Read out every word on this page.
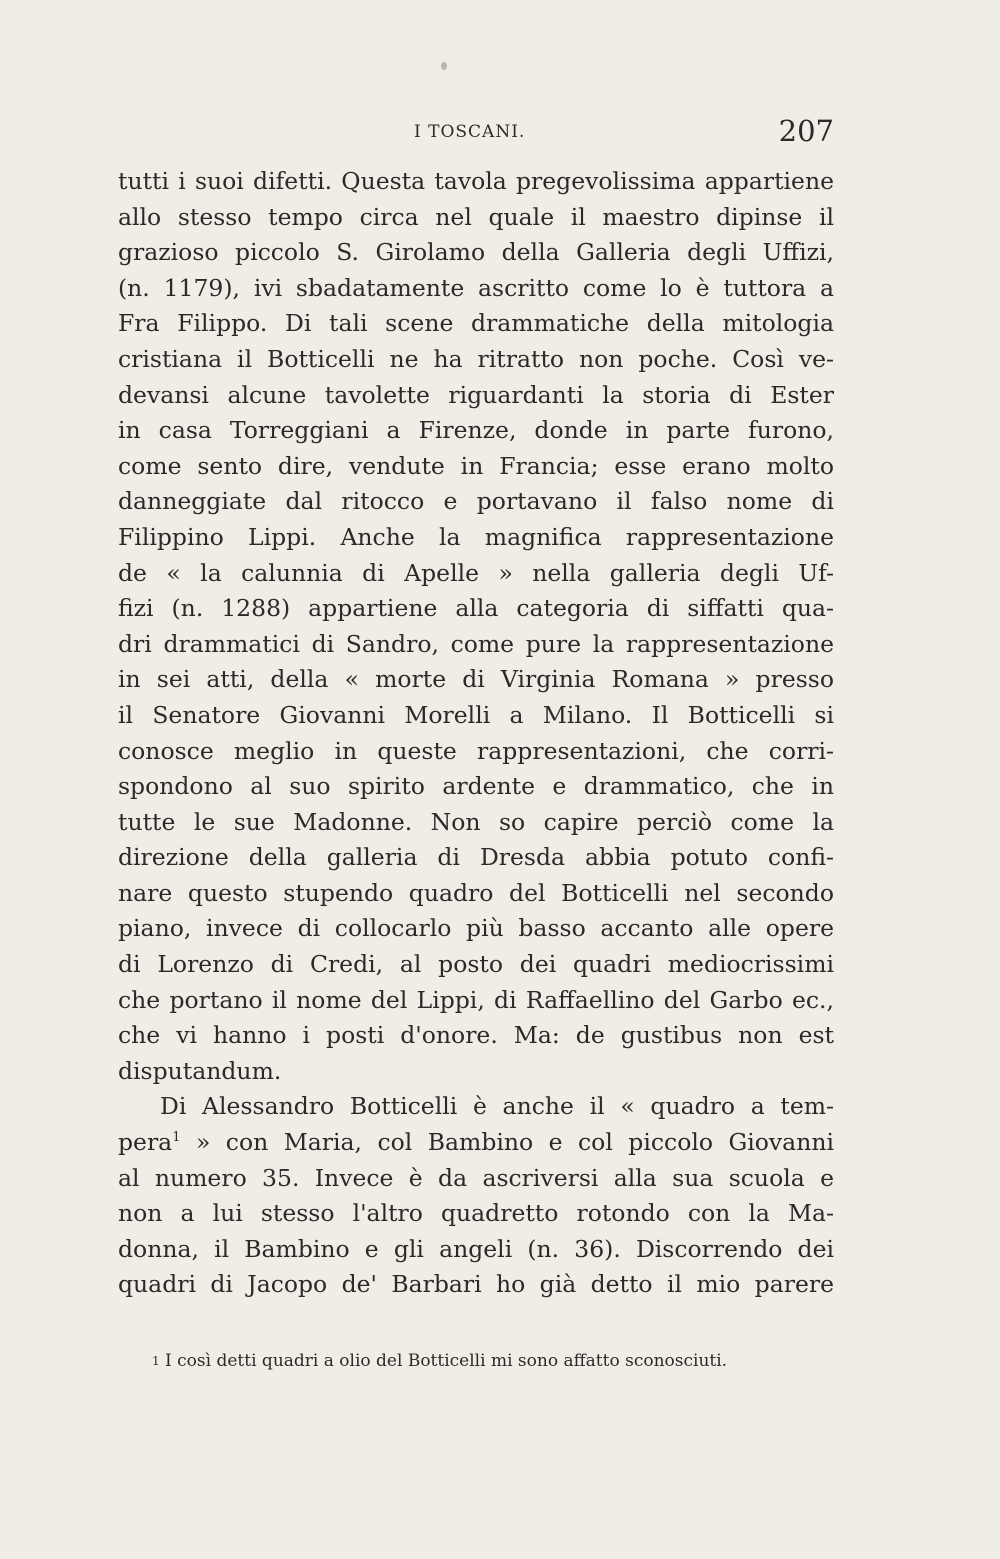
I TOSCANI.	207
tutti i suoi difetti. Questa tavola pregevolissima appartiene
allo stesso tempo circa nel quale il maestro dipinse il
grazioso piccolo S. Girolamo della Galleria degli Uffizi,
(n. 1179), ivi sbadatamente ascritto come lo è tuttora a
Fra Filippo. Di tali scene drammatiche della mitologia
cristiana il Botticelli ne ha ritratto non poche. Così ve-
devansi alcune tavolette riguardanti la storia di Ester
in casa Torreggiani a Firenze, donde in parte furono,
come sento dire, vendute in Francia; esse erano molto
danneggiate dal ritocco e portavano il falso nome di
Filippino Lippi. Anche la magnifica rappresentazione
de « la calunnia di Apelle » nella galleria degli Uf-
fizi (n. 1288) appartiene alla categoria di siffatti qua-
dri drammatici di Sandro, come pure la rappresentazione
in sei atti, della « morte di Virginia Romana » presso
il Senatore Giovanni Morelli a Milano. Il Botticelli si
conosce meglio in queste rappresentazioni, che corri-
spondono al suo spirito ardente e drammatico, che in
tutte le sue Madonne. Non so capire perciò come la
direzione della galleria di Dresda abbia potuto confi-
nare questo stupendo quadro del Botticelli nel secondo
piano, invece di collocarlo più basso accanto alle opere
di Lorenzo di Credi, al posto dei quadri mediocrissimi
che portano il nome del Lippi, di Raffaellino del Garbo ec.,
che vi hanno i posti d'onore. Ma: de gustibus non est
disputandum.
Di Alessandro Botticelli è anche il « quadro a tem-
pera$^1$ » con Maria, col Bambino e col piccolo Giovanni
al numero 35. Invece è da ascriversi alla sua scuola e
non a lui stesso l'altro quadretto rotondo con la Ma-
donna, il Bambino e gli angeli (n. 36). Discorrendo dei
quadri di Jacopo de' Barbari ho già detto il mio parere
$^1$ I così detti quadri a olio del Botticelli mi sono affatto sconosciuti.
